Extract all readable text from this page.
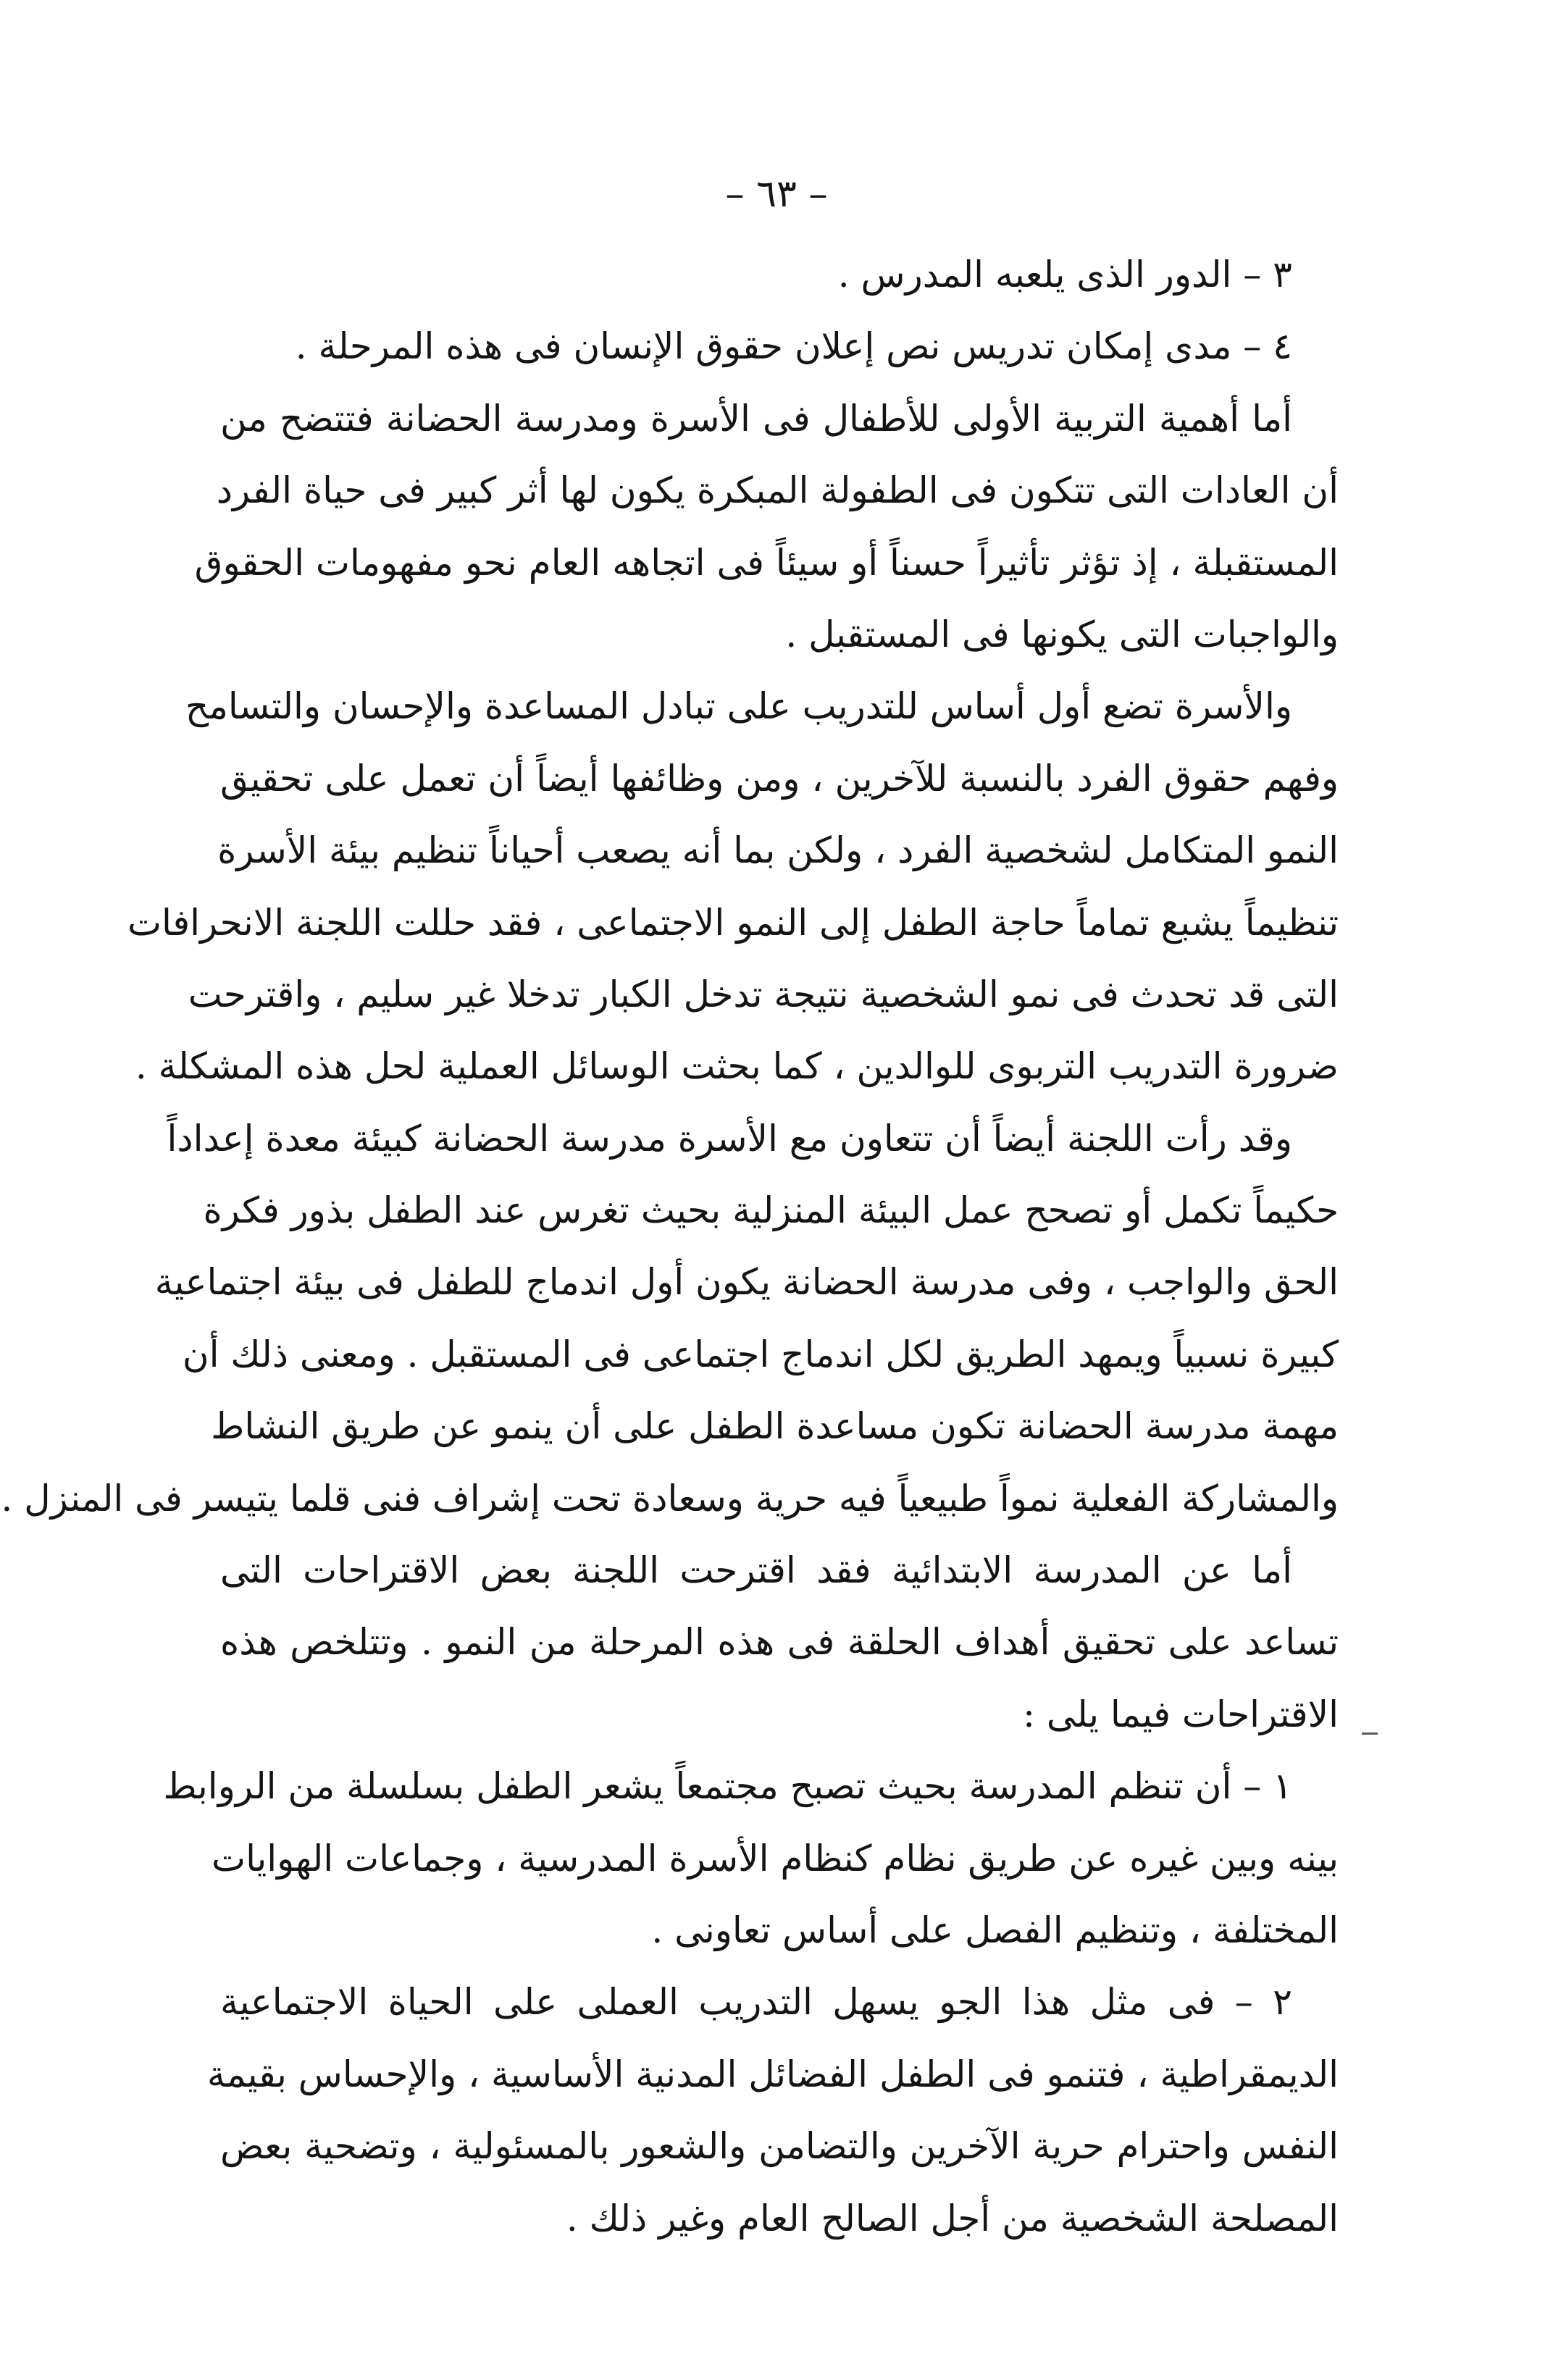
– ٦٣ –
٣ – الدور الذى يلعبه المدرس .
٤ – مدى إمكان تدريس نص إعلان حقوق الإنسان فى هذه المرحلة .
أما أهمية التربية الأولى للأطفال فى الأسرة ومدرسة الحضانة فتتضح من
أن العادات التى تتكون فى الطفولة المبكرة يكون لها أثر كبير فى حياة الفرد
المستقبلة ، إذ تؤثر تأثيراً حسناً أو سيئاً فى اتجاهه العام نحو مفهومات الحقوق
والواجبات التى يكونها فى المستقبل .
والأسرة تضع أول أساس للتدريب على تبادل المساعدة والإحسان والتسامح
وفهم حقوق الفرد بالنسبة للآخرين ، ومن وظائفها أيضاً أن تعمل على تحقيق
النمو المتكامل لشخصية الفرد ، ولكن بما أنه يصعب أحياناً تنظيم بيئة الأسرة
تنظيماً يشبع تماماً حاجة الطفل إلى النمو الاجتماعى ، فقد حللت اللجنة الانحرافات
التى قد تحدث فى نمو الشخصية نتيجة تدخل الكبار تدخلا غير سليم ، واقترحت
ضرورة التدريب التربوى للوالدين ، كما بحثت الوسائل العملية لحل هذه المشكلة .
وقد رأت اللجنة أيضاً أن تتعاون مع الأسرة مدرسة الحضانة كبيئة معدة إعداداً
حكيماً تكمل أو تصحح عمل البيئة المنزلية بحيث تغرس عند الطفل بذور فكرة
الحق والواجب ، وفى مدرسة الحضانة يكون أول اندماج للطفل فى بيئة اجتماعية
كبيرة نسبياً ويمهد الطريق لكل اندماج اجتماعى فى المستقبل . ومعنى ذلك أن
مهمة مدرسة الحضانة تكون مساعدة الطفل على أن ينمو عن طريق النشاط
والمشاركة الفعلية نمواً طبيعياً فيه حرية وسعادة تحت إشراف فنى قلما يتيسر فى المنزل .
أما عن المدرسة الابتدائية فقد اقترحت اللجنة بعض الاقتراحات التى
تساعد على تحقيق أهداف الحلقة فى هذه المرحلة من النمو . وتتلخص هذه
الاقتراحات فيما يلى :
١ – أن تنظم المدرسة بحيث تصبح مجتمعاً يشعر الطفل بسلسلة من الروابط
بينه وبين غيره عن طريق نظام كنظام الأسرة المدرسية ، وجماعات الهوايات
المختلفة ، وتنظيم الفصل على أساس تعاونى .
٢ – فى مثل هذا الجو يسهل التدريب العملى على الحياة الاجتماعية
الديمقراطية ، فتنمو فى الطفل الفضائل المدنية الأساسية ، والإحساس بقيمة
النفس واحترام حرية الآخرين والتضامن والشعور بالمسئولية ، وتضحية بعض
المصلحة الشخصية من أجل الصالح العام وغير ذلك .
